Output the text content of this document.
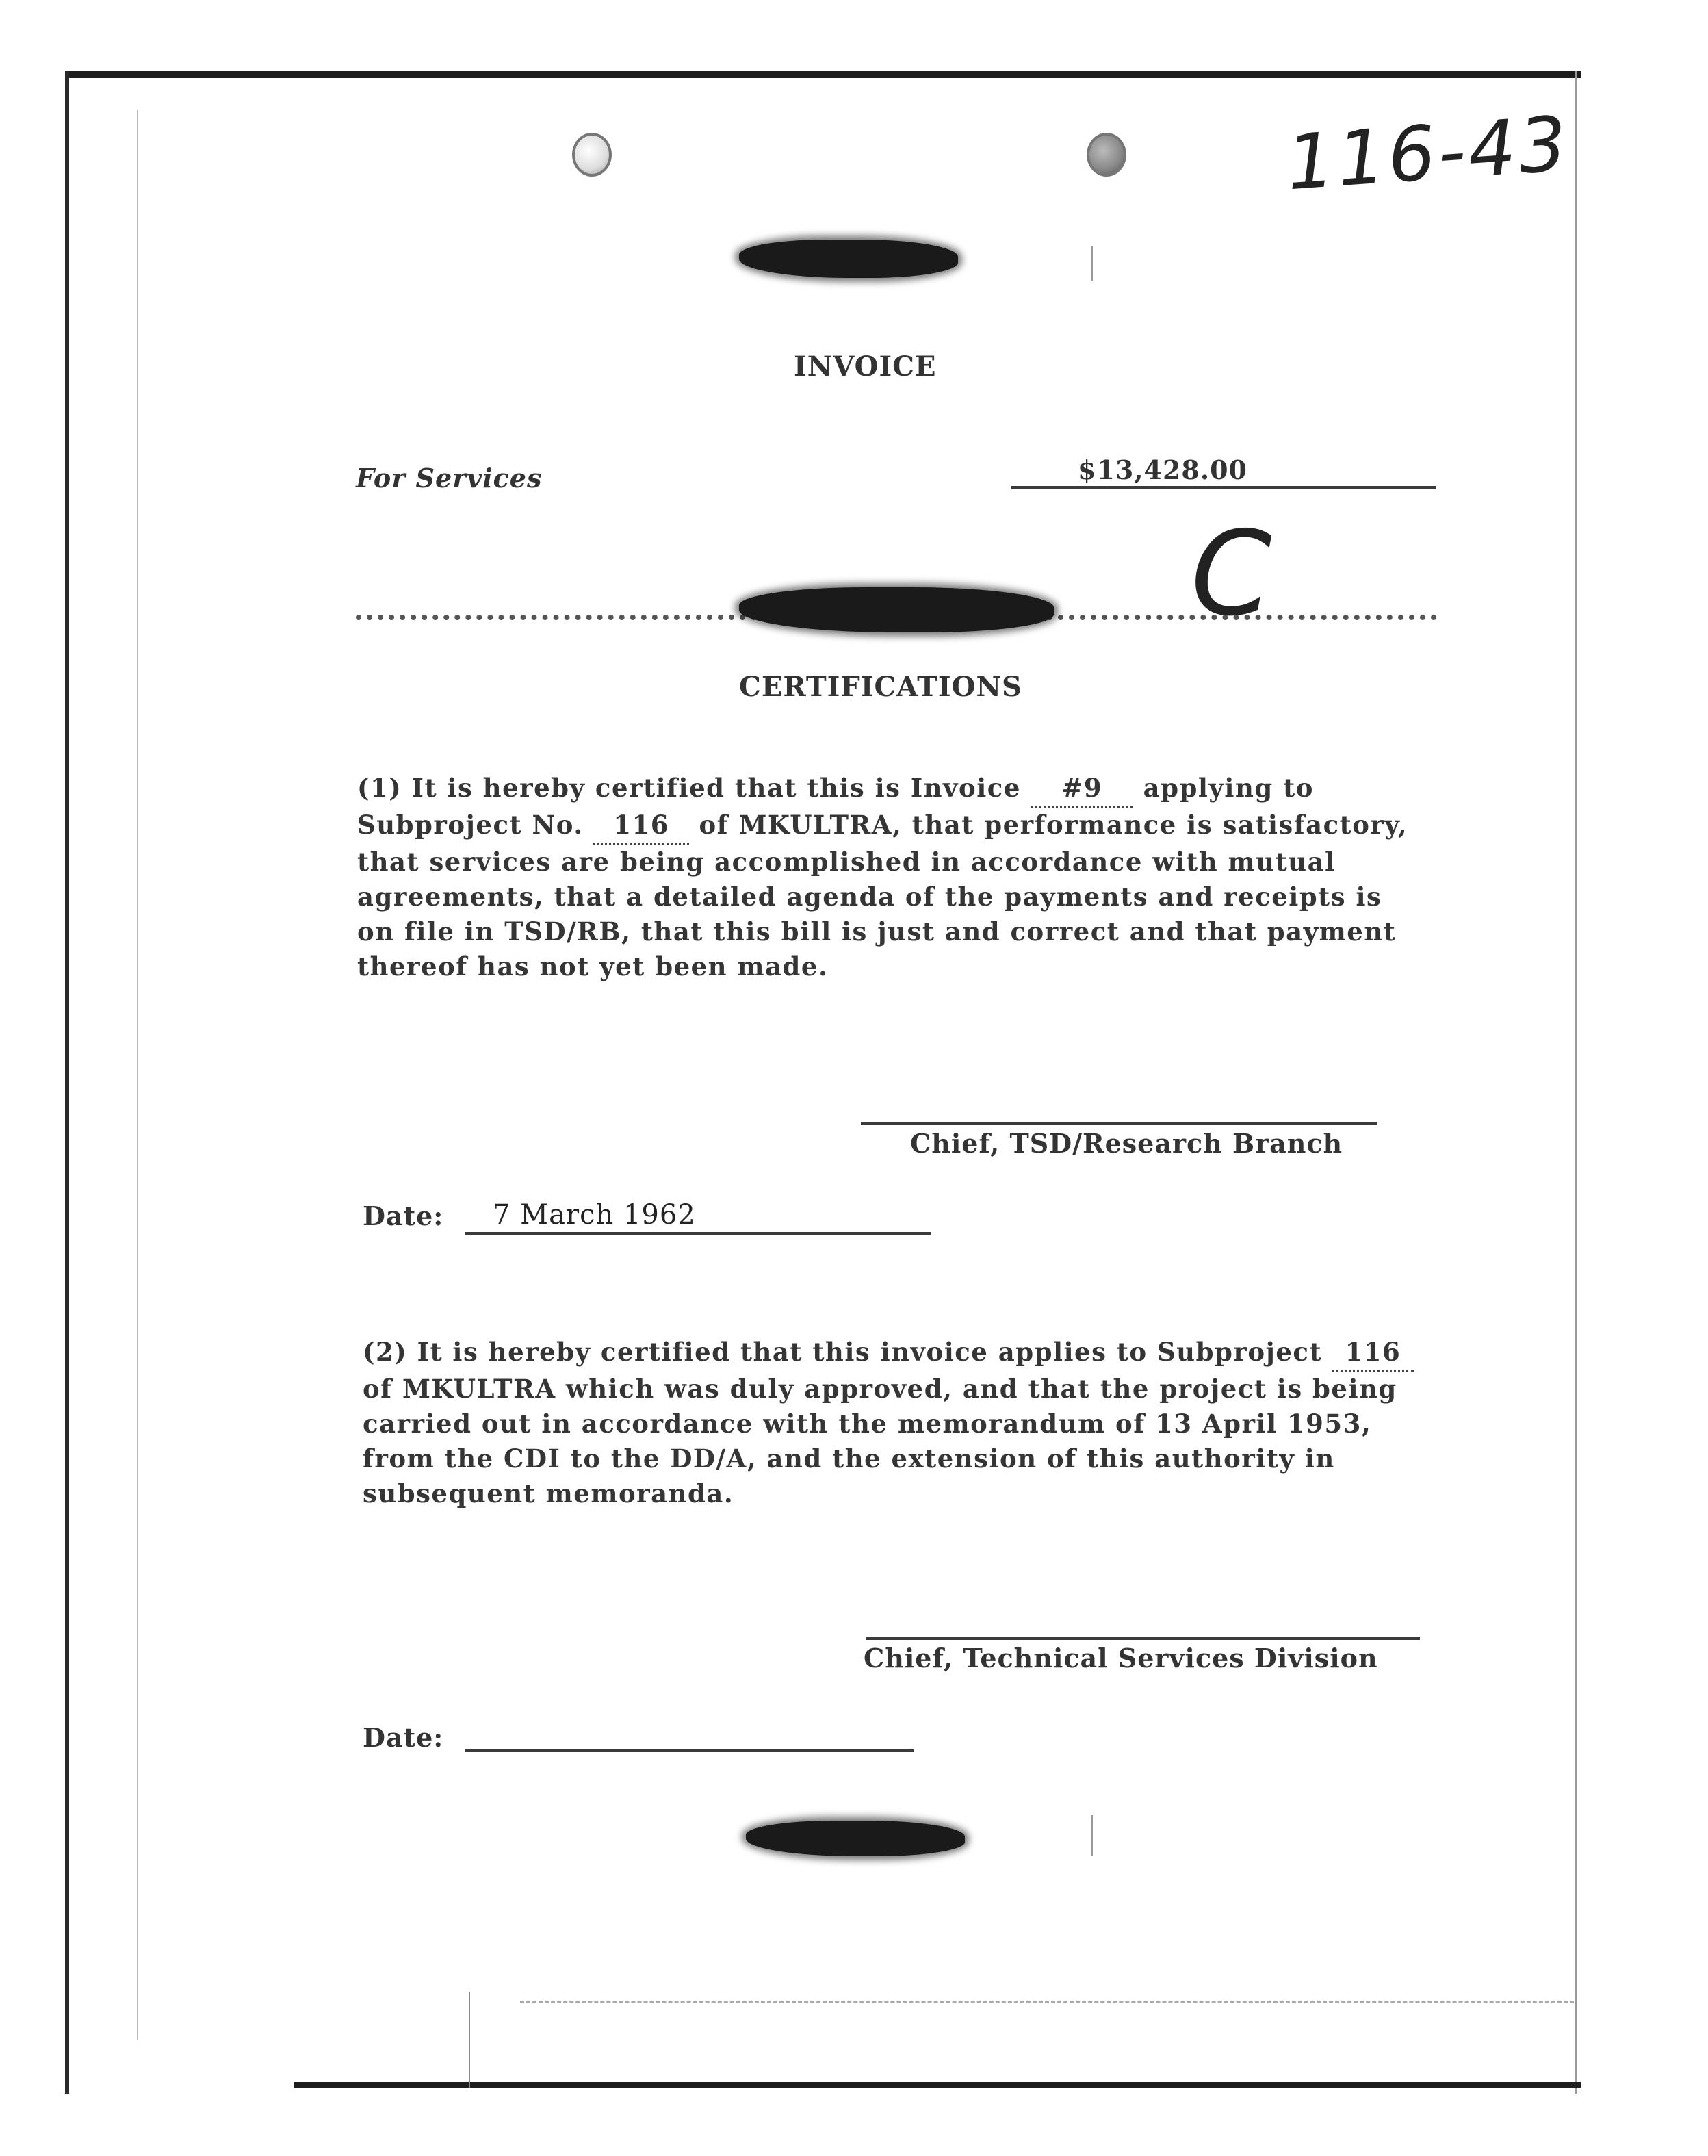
116-43
INVOICE
For Services	$13,428.00
C
CERTIFICATIONS
(1) It is hereby certified that this is Invoice #9 applying to Subproject No. 116 of MKULTRA, that performance is satisfactory, that services are being accomplished in accordance with mutual agreements, that a detailed agenda of the payments and receipts is on file in TSD/RB, that this bill is just and correct and that payment thereof has not yet been made.
Chief, TSD/Research Branch
Date: 7 March 1962
(2) It is hereby certified that this invoice applies to Subproject 116 of MKULTRA which was duly approved, and that the project is being carried out in accordance with the memorandum of 13 April 1953, from the CDI to the DD/A, and the extension of this authority in subsequent memoranda.
Chief, Technical Services Division
Date:
